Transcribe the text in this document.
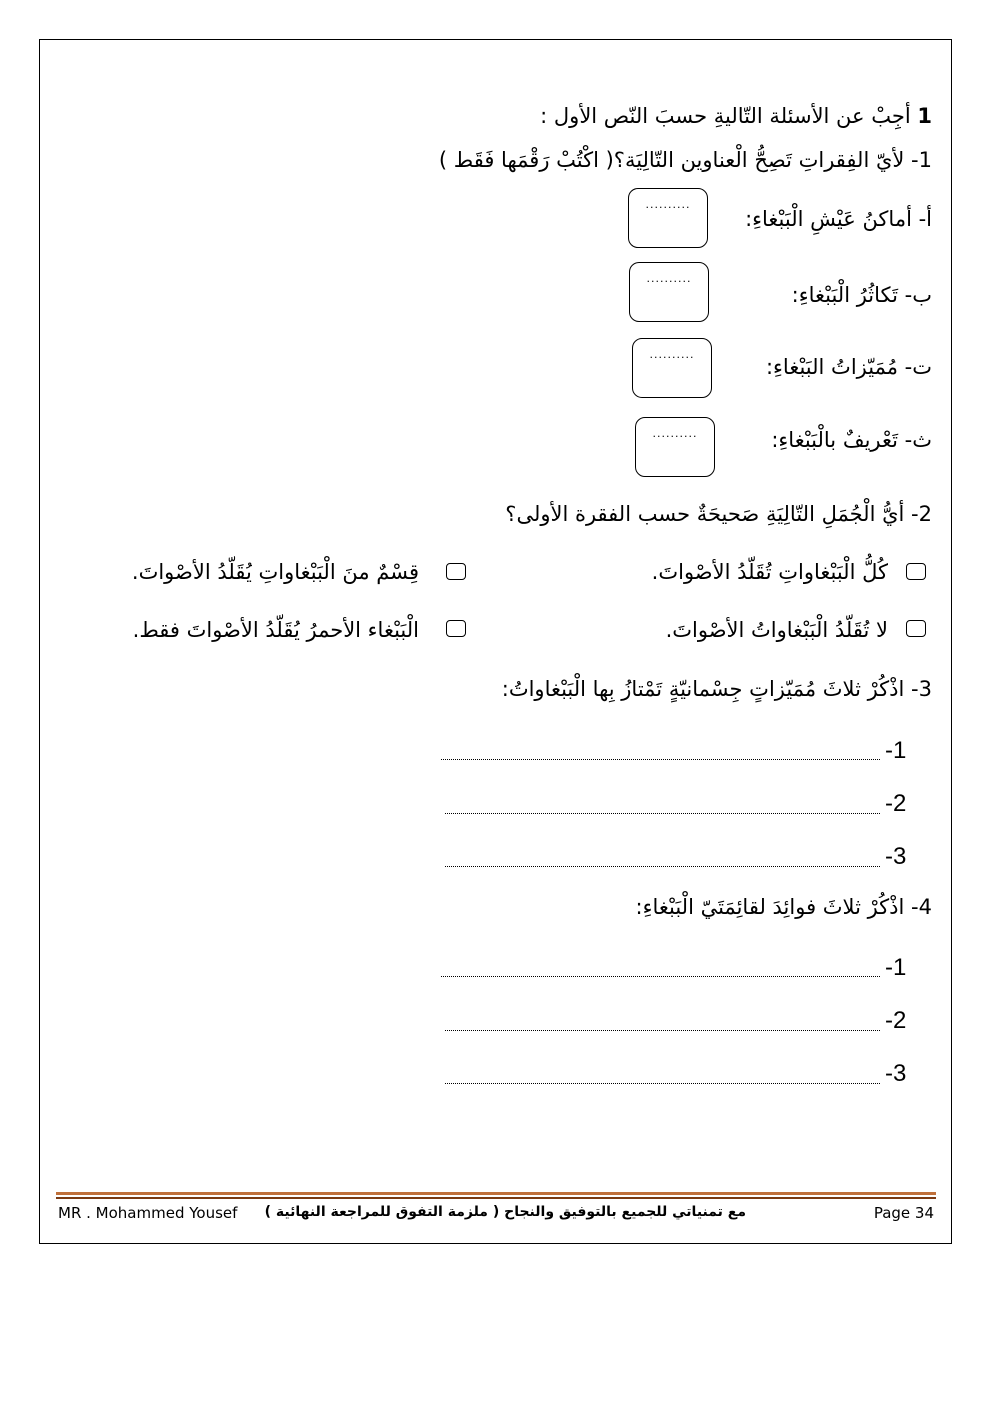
1 أجِبْ عن الأسئلة التّاليةِ حسبَ النّص الأول :
1- لأيّ الفِقراتِ تَصِحُّ الْعناوين التّالِيَة؟( اكْتُبْ رَقْمَها فَقَط )
أ- أماكنُ عَيْشِ الْبَبْغاءِ:
..........
ب- تَكاثُرُ الْبَبْغاءِ:
..........
ت- مُمَيّزاتُ البَبْغاءِ:
..........
ث- تَعْريفٌ بالْبَبْغاءِ:
..........
2- أيُّ الْجُمَلِ التّالِيَةِ صَحيحَةٌ حسب الفقرة الأولى؟
كُلُّ الْبَبْغاواتِ تُقَلّدُ الأصْواتَ.
قِسْمٌ منَ الْبَبْغاواتِ يُقَلّدُ الأصْواتَ.
لا تُقَلّدُ الْبَبْغاواتُ الأصْواتَ.
الْبَبْغاء الأحمرُ يُقَلّدُ الأصْواتَ فقط.
3- اذْكُرْ ثلاثَ مُمَيّزاتٍ جِسْمانيّةٍ تَمْتازُ بِها الْبَبْغاواتُ:
-1
-2
-3
4- اذْكُرْ ثلاثَ فوائِدَ لقائِمَتَيّ الْبَبْغاءِ:
-1
-2
-3
MR . Mohammed Yousef مع تمنياتي للجميع بالتوفيق والنجاح ( ملزمة التفوق للمراجعة النهائية )	Page 34
